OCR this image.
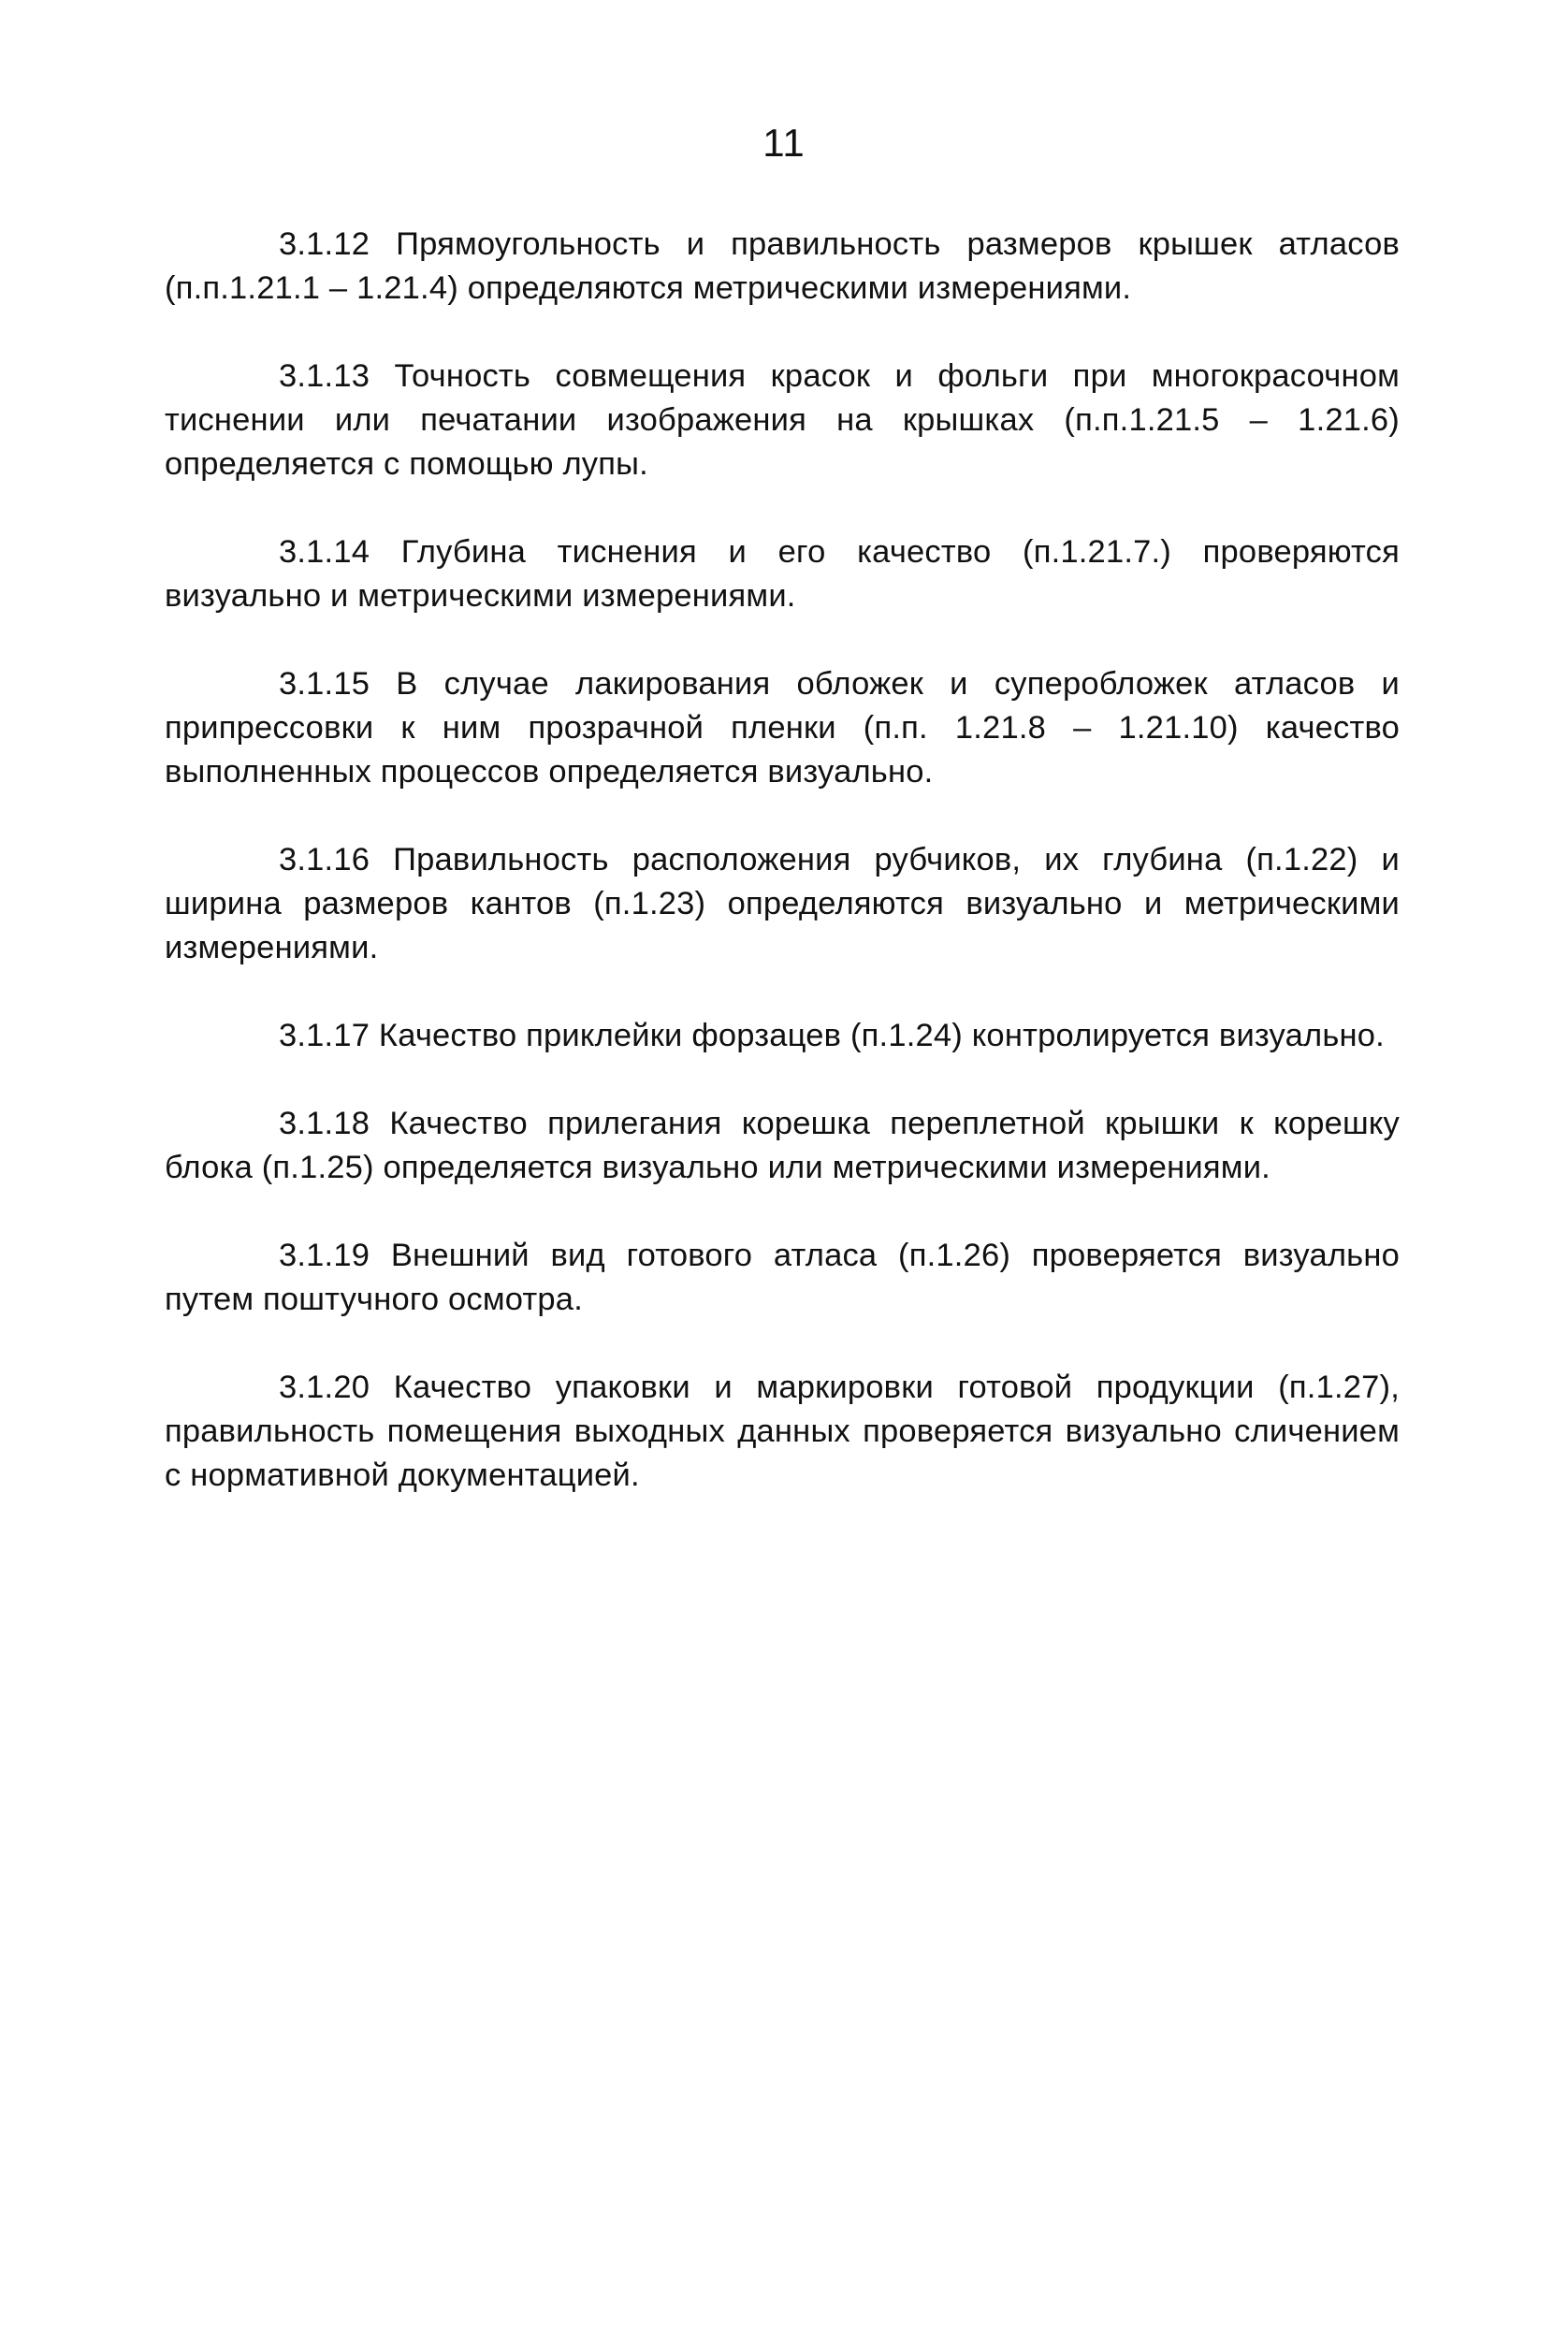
11

3.1.12 Прямоугольность и правильность размеров крышек атласов (п.п.1.21.1 – 1.21.4) определяются метрическими измерениями.

3.1.13 Точность совмещения красок и фольги при многокрасочном тиснении или печатании изображения на крышках (п.п.1.21.5 – 1.21.6) определяется с помощью лупы.

3.1.14 Глубина тиснения и его качество (п.1.21.7.) проверяются визуально и метрическими измерениями.

3.1.15 В случае лакирования обложек и суперобложек атласов и припрессовки к ним прозрачной пленки (п.п. 1.21.8 – 1.21.10) качество выполненных процессов определяется визуально.

3.1.16 Правильность расположения рубчиков, их глубина (п.1.22) и ширина размеров кантов (п.1.23) определяются визуально и метрическими измерениями.

3.1.17 Качество приклейки форзацев (п.1.24) контролируется визуально.

3.1.18 Качество прилегания корешка переплетной крышки к корешку блока (п.1.25) определяется визуально или метрическими измерениями.

3.1.19 Внешний вид готового атласа (п.1.26) проверяется визуально путем поштучного осмотра.

3.1.20 Качество упаковки и маркировки готовой продукции (п.1.27), правильность помещения выходных данных проверяется визуально сличением с нормативной документацией.
